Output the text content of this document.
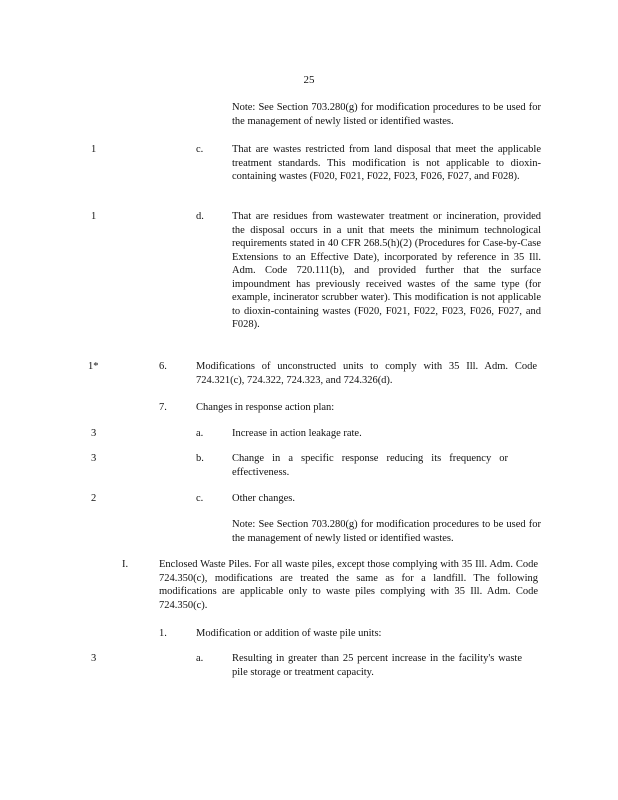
25
Note: See Section 703.280(g) for modification procedures to be used for the management of newly listed or identified wastes.
1	c.	That are wastes restricted from land disposal that meet the applicable treatment standards. This modification is not applicable to dioxin-containing wastes (F020, F021, F022, F023, F026, F027, and F028).
1	d.	That are residues from wastewater treatment or incineration, provided the disposal occurs in a unit that meets the minimum technological requirements stated in 40 CFR 268.5(h)(2) (Procedures for Case-by-Case Extensions to an Effective Date), incorporated by reference in 35 Ill. Adm. Code 720.111(b), and provided further that the surface impoundment has previously received wastes of the same type (for example, incinerator scrubber water). This modification is not applicable to dioxin-containing wastes (F020, F021, F022, F023, F026, F027, and F028).
1*	6.	Modifications of unconstructed units to comply with 35 Ill. Adm. Code 724.321(c), 724.322, 724.323, and 724.326(d).
7.	Changes in response action plan:
3	a.	Increase in action leakage rate.
3	b.	Change in a specific response reducing its frequency or effectiveness.
2	c.	Other changes.
Note: See Section 703.280(g) for modification procedures to be used for the management of newly listed or identified wastes.
I.	Enclosed Waste Piles. For all waste piles, except those complying with 35 Ill. Adm. Code 724.350(c), modifications are treated the same as for a landfill. The following modifications are applicable only to waste piles complying with 35 Ill. Adm. Code 724.350(c).
1.	Modification or addition of waste pile units:
3	a.	Resulting in greater than 25 percent increase in the facility's waste pile storage or treatment capacity.
